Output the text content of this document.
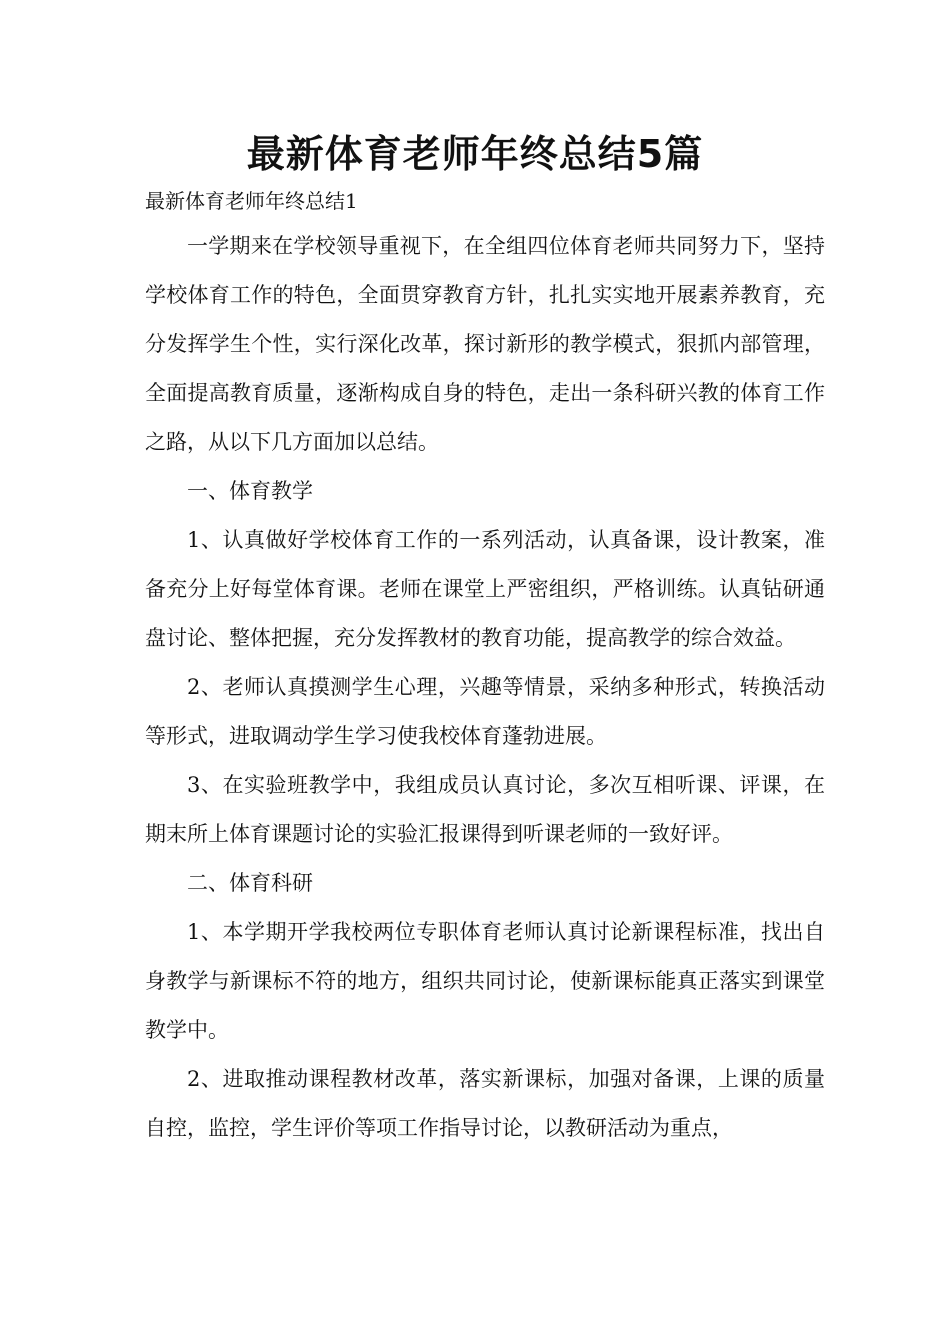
最新体育老师年终总结5篇

最新体育老师年终总结1

一学期来在学校领导重视下，在全组四位体育老师共同努力下，坚持学校体育工作的特色，全面贯穿教育方针，扎扎实实地开展素养教育，充分发挥学生个性，实行深化改革，探讨新形的教学模式，狠抓内部管理，全面提高教育质量，逐渐构成自身的特色，走出一条科研兴教的体育工作之路，从以下几方面加以总结。

一、体育教学

1、认真做好学校体育工作的一系列活动，认真备课，设计教案，准备充分上好每堂体育课。老师在课堂上严密组织，严格训练。认真钻研通盘讨论、整体把握，充分发挥教材的教育功能，提高教学的综合效益。

2、老师认真摸测学生心理，兴趣等情景，采纳多种形式，转换活动等形式，进取调动学生学习使我校体育蓬勃进展。

3、在实验班教学中，我组成员认真讨论，多次互相听课、评课，在期末所上体育课题讨论的实验汇报课得到听课老师的一致好评。

二、体育科研

1、本学期开学我校两位专职体育老师认真讨论新课程标准，找出自身教学与新课标不符的地方，组织共同讨论，使新课标能真正落实到课堂教学中。

2、进取推动课程教材改革，落实新课标，加强对备课，上课的质量自控，监控，学生评价等项工作指导讨论，以教研活动为重点，
